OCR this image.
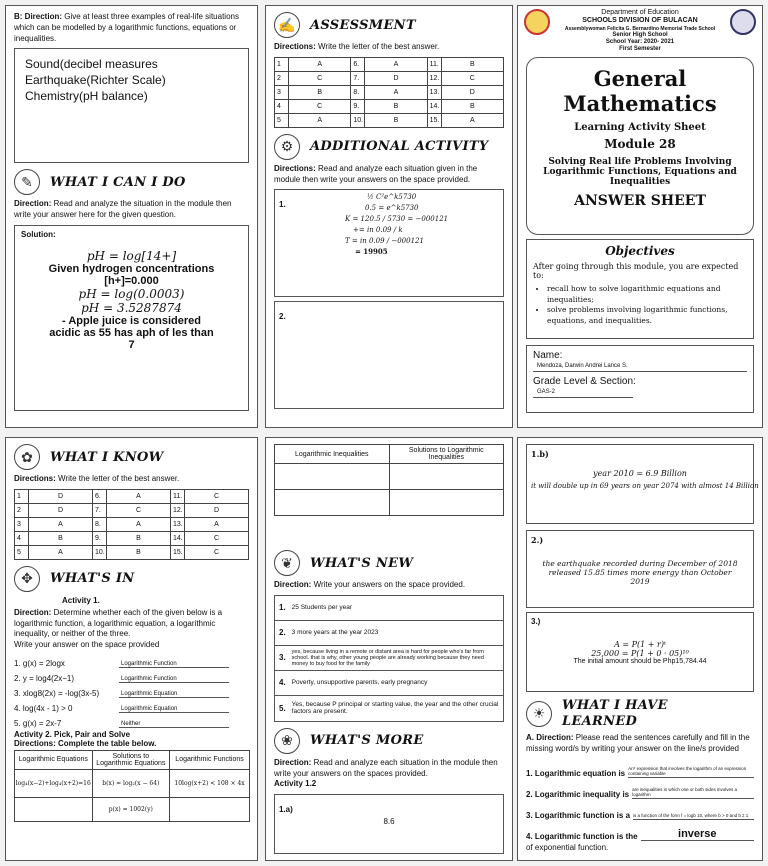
B: Direction: Give at least three examples of real-life situations which can be modelled by a logarithmic functions, equations or inequalities.
Sound(decibel measures
Earthquake(Richter Scale)
Chemistry(pH balance)
✎	WHAT I CAN I DO
Direction: Read and analyze the situation in the module then write your answer here for the given question.
Solution:
pH = log[14+]
Given hydrogen concentrations
[h+]=0.000
pH = log(0.0003)
pH = 3.5287874
- Apple juice is considered
acidic as 55 has aph of les than
7
✍	ASSESSMENT
Directions: Write the letter of the best answer.
1	A	6.	A	11.	B
2	C	7.	D	12.	C
3	B	8.	A	13.	D
4	C	9.	B	14.	B
5	A	10.	B	15.	A
⚙	ADDITIONAL ACTIVITY
Directions: Read and analyze each situation given in the module then write your answers on the space provided.
1.
½ C²e^k5730
0.5 = e^k5730
K = 120.5 / 5730 = −000121
+= in 0.09 / k
T = in 0.09 / −000121
= 19905
2.
Department of Education
SCHOOLS DIVISION OF BULACAN
Assemblywoman Felicita G. Bernardino Memorial Trade School
Senior High School
School Year: 2020- 2021
First Semester
General
Mathematics
Learning Activity Sheet
Module 28
Solving Real life Problems Involving Logarithmic Functions, Equations and Inequalities
ANSWER SHEET
Objectives
After going through this module, you are expected to:
• recall how to solve logarithmic equations and inequalities;
• solve problems involving logarithmic functions, equations, and inequalities.
Name:
Mendoza, Darwin Andrei Lance S.
Grade Level & Section:
GAS-2
✿	WHAT I KNOW
Directions: Write the letter of the best answer.
1	D	6.	A	11.	C
2	D	7.	C	12.	D
3	A	8.	A	13.	A
4	B	9.	B	14.	C
5	A	10.	B	15.	C
✥	WHAT'S IN
Activity 1.
Direction: Determine whether each of the given below is a logarithmic function, a logarithmic equation, a logarithmic inequality, or neither of the three.
Write your answer on the space provided
1. g(x) = 2logx	Logarithmic Function
2. y = log4(2x−1)	Logarithmic Function
3. xlog8(2x) = -log(3x-5)	Logarithmic Equation
4. log(4x - 1) > 0	Logarithmic Equation
5. g(x) = 2x-7	Neither
Activity 2. Pick, Pair and Solve
Directions: Complete the table below.
Logarithmic Equations	Solutions to Logarithmic Equations	Logarithmic Functions
log₄(x−2)+log₄(x+2)=16	b(x) = log₂(x − 64)	10log(x+2) < 108 × 4x
	p(x) = 1002(y)	
Logarithmic Inequalities	Solutions to Logarithmic Inequalities

❦	WHAT'S NEW
Direction: Write your answers on the space provided.
1. 25 Students per year
2. 3 more years at the year 2023
3.
yes, because living in a remote or distant area is hard for people who's far from school. that is why, other young people are already working because they need money to buy food for the family
4. Poverty, unsupportive parents, early pregnancy
5. Yes, because P principal or starting value, the year and the other crucial factors are present.
❀	WHAT'S MORE
Direction: Read and analyze each situation in the module then write your answers on the spaces provided.
Activity 1.2
1.a)
8.6
1.b)
year 2010 = 6.9 Billion
it will double up in 69 years on year 2074 with almost 14 Billion
2.)
the earthquake recorded during December of 2018 released 15.85 times more energy than October 2019
3.)
A = P(1 + r)ᵗ
25,000 = P(1 + 0 · 05)¹⁰
The initial amount should be Php15,784.44
☀	WHAT I HAVE LEARNED
A. Direction: Please read the sentences carefully and fill in the missing word/s by writing your answer on the line/s provided
1. Logarithmic equation is
An* expression that involves the logarithm of an expression containing variable
2. Logarithmic inequality is
are inequalities in which one or both sides involves a logarithm
3. Logarithmic function is a is a function of the form f = logb 10, where b > 0 and b ≠ 1
4. Logarithmic function is the	inverse
of exponential function.
